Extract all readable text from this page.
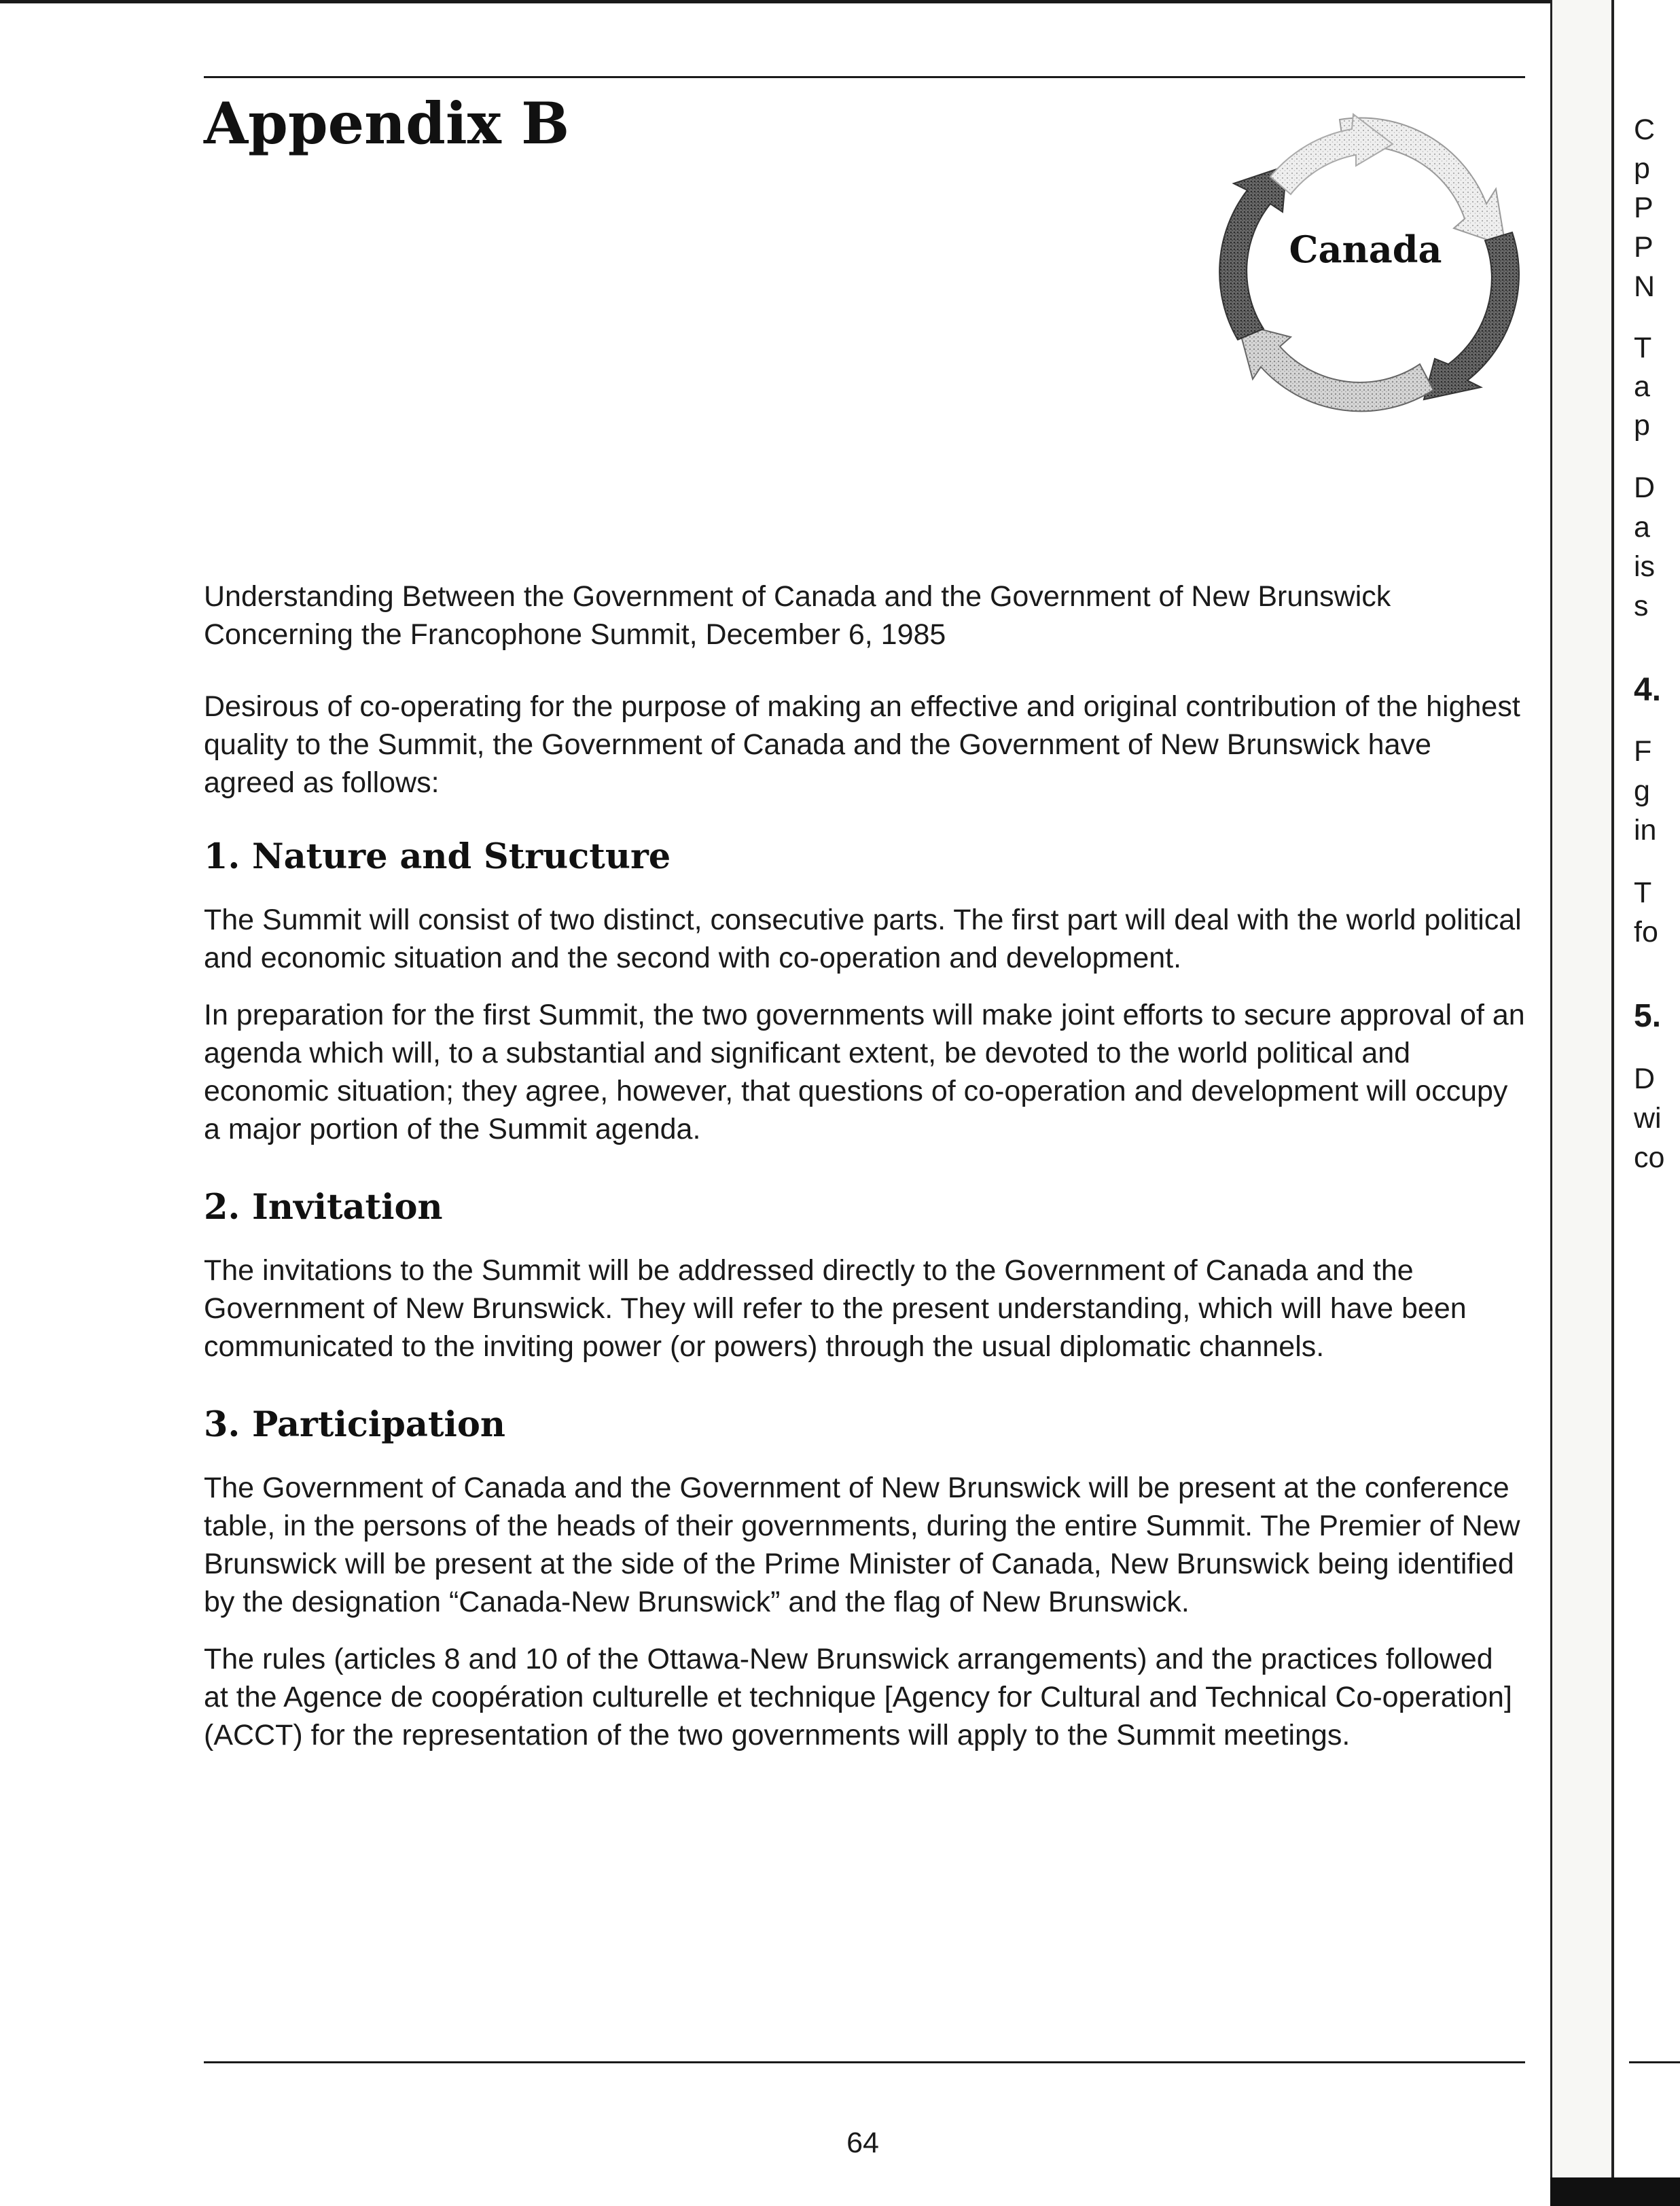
Appendix B
Canada

Understanding Between the Government of Canada and the Government of New Brunswick Concerning the Francophone Summit, December 6, 1985

Desirous of co-operating for the purpose of making an effective and original contribution of the highest quality to the Summit, the Government of Canada and the Government of New Brunswick have agreed as follows:

1. Nature and Structure

The Summit will consist of two distinct, consecutive parts. The first part will deal with the world political and economic situation and the second with co-operation and development.

In preparation for the first Summit, the two governments will make joint efforts to secure approval of an agenda which will, to a substantial and significant extent, be devoted to the world political and economic situation; they agree, however, that questions of co-operation and development will occupy a major portion of the Summit agenda.

2. Invitation

The invitations to the Summit will be addressed directly to the Government of Canada and the Government of New Brunswick. They will refer to the present understanding, which will have been communicated to the inviting power (or powers) through the usual diplomatic channels.

3. Participation

The Government of Canada and the Government of New Brunswick will be present at the conference table, in the persons of the heads of their governments, during the entire Summit. The Premier of New Brunswick will be present at the side of the Prime Minister of Canada, New Brunswick being identified by the designation “Canada-New Brunswick” and the flag of New Brunswick.

The rules (articles 8 and 10 of the Ottawa-New Brunswick arrangements) and the practices followed at the Agence de coopération culturelle et technique [Agency for Cultural and Technical Co-operation] (ACCT) for the representation of the two governments will apply to the Summit meetings.

64
C
p
P
P
N
T
a
p
D
a
is
s
4.
F
g
in
T
fo
5.
D
wi
co
